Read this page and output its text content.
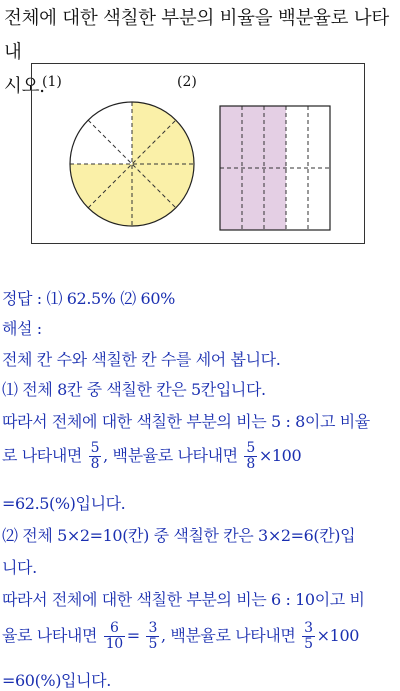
전체에 대한 색칠한 부분의 비율을 백분율로 나타내
시오.
(1)	(2)
정답 : ⑴ 62.5% ⑵ 60%
해설 :
전체 칸 수와 색칠한 칸 수를 세어 봅니다.
⑴ 전체 8칸 중 색칠한 칸은 5칸입니다.
따라서 전체에 대한 색칠한 부분의 비는 5 : 8이고 비율
로 나타내면 $\frac{5}{8}$ , 백분율로 나타내면 $\frac{5}{8} \times 100$
=62.5(%)입니다.
⑵ 전체 5×2=10(칸) 중 색칠한 칸은 3×2=6(칸)입
니다.
따라서 전체에 대한 색칠한 부분의 비는 6 : 10이고 비
율로 나타내면 $\frac{6}{10} = \frac{3}{5}$ , 백분율로 나타내면 $\frac{3}{5} \times 100$
=60(%)입니다.
